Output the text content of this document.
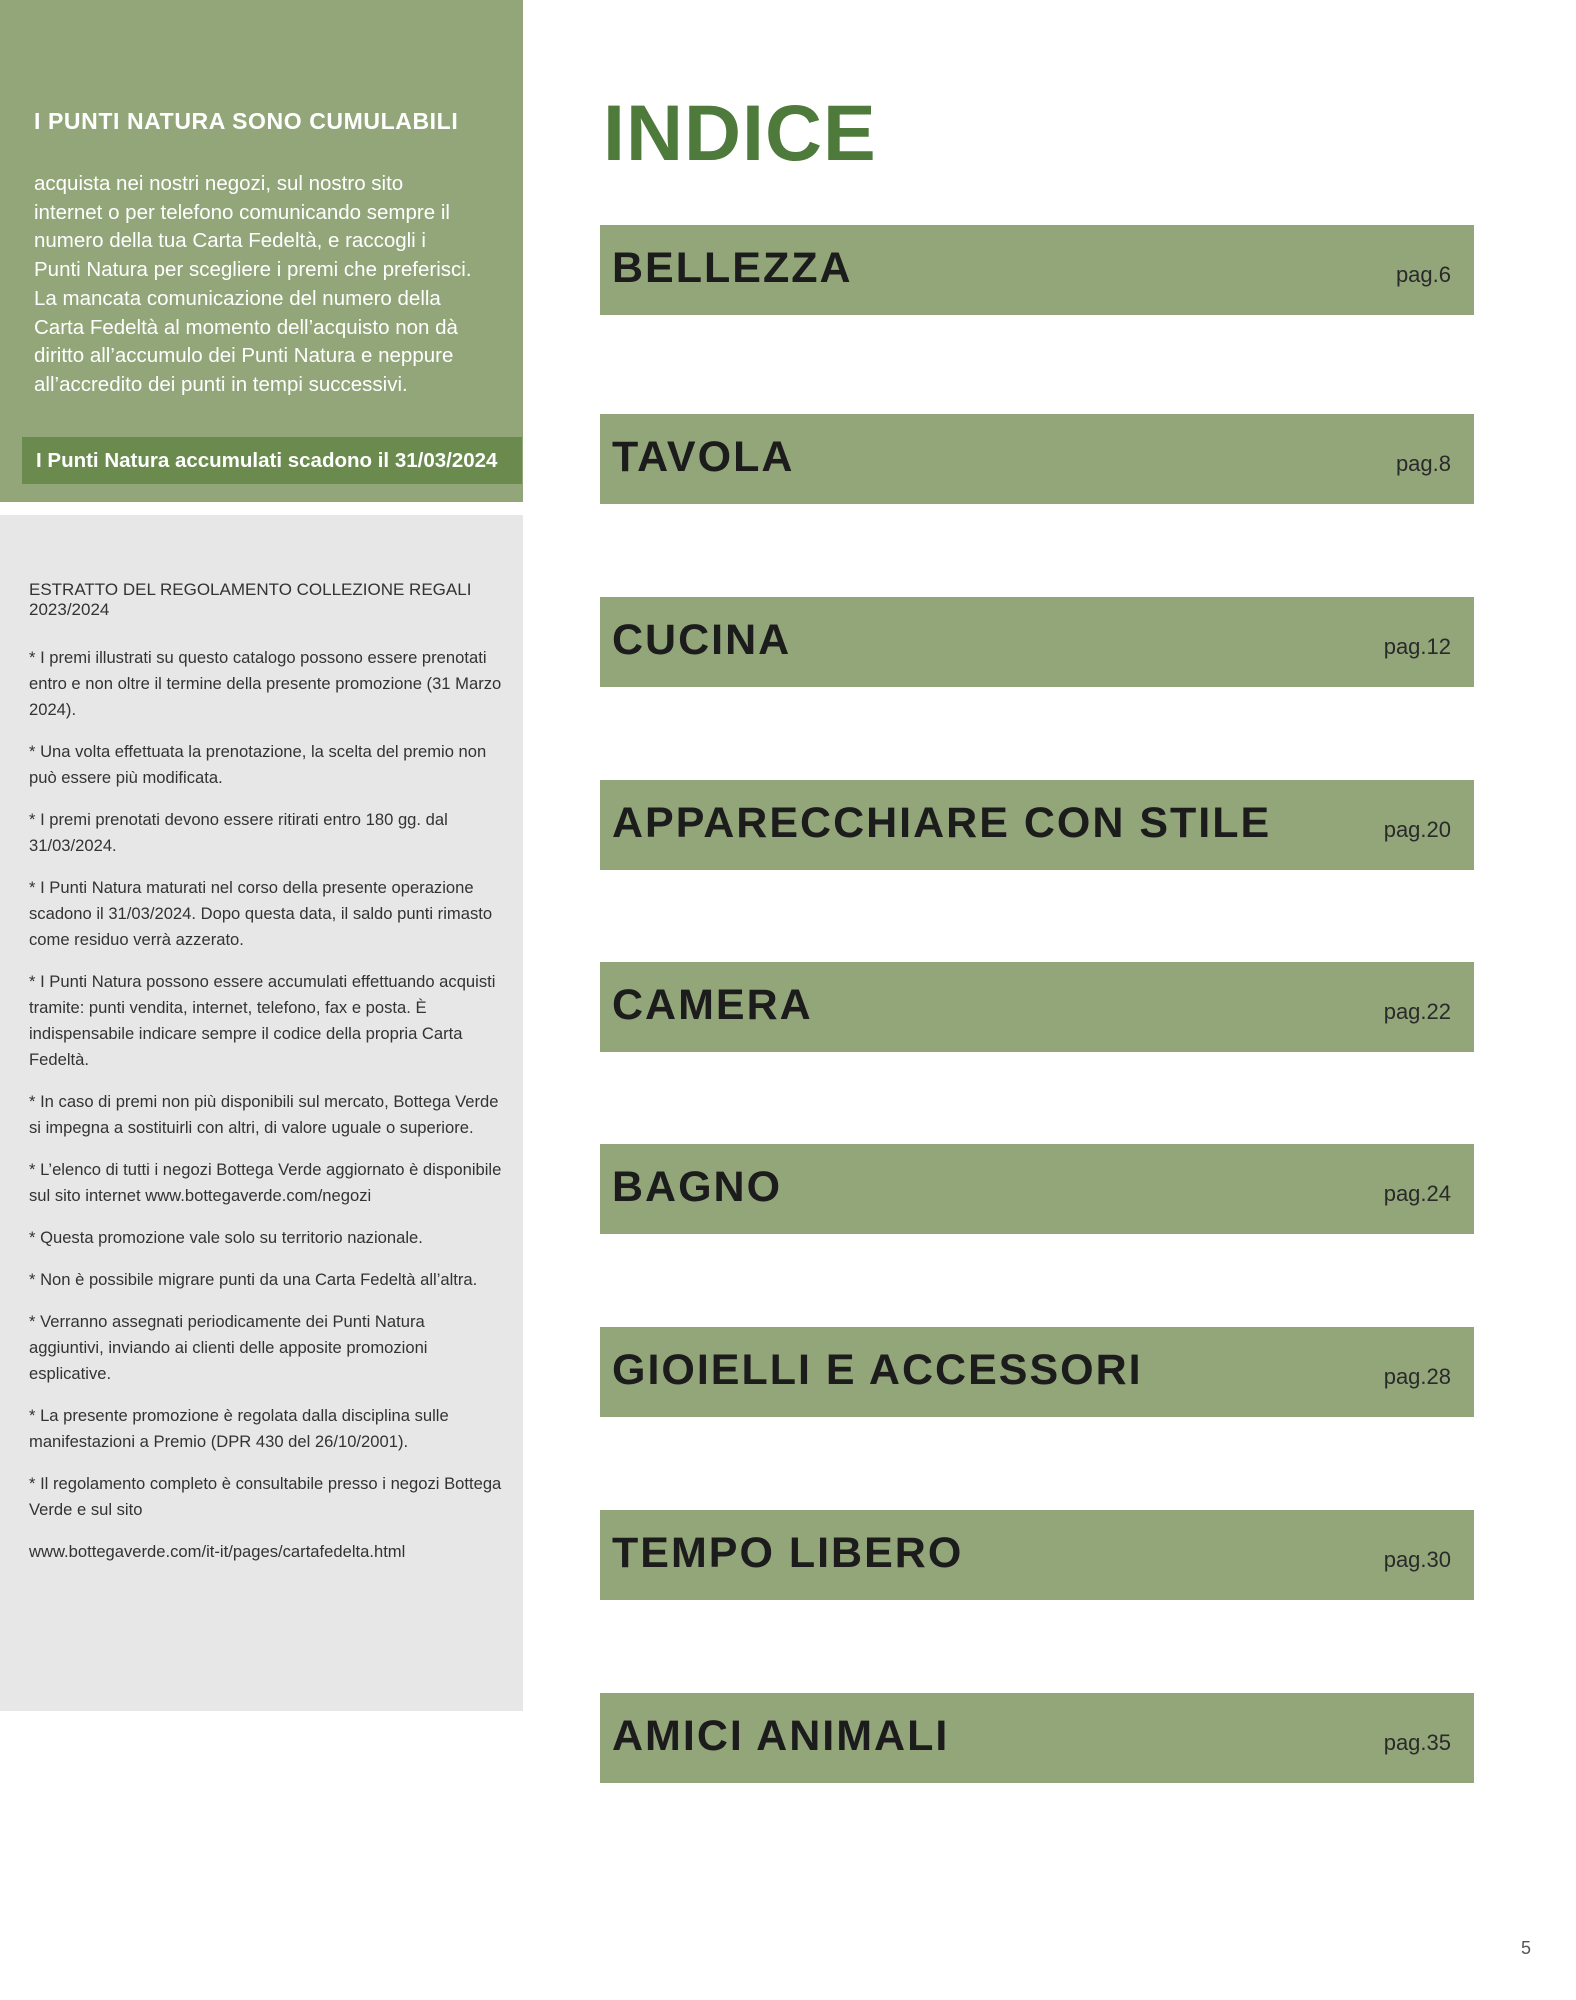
I PUNTI NATURA SONO CUMULABILI
acquista nei nostri negozi, sul nostro sito internet o per telefono comunicando sempre il numero della tua Carta Fedeltà, e raccogli i Punti Natura per scegliere i premi che preferisci. La mancata comunicazione del numero della Carta Fedeltà al momento dell’acquisto non dà diritto all’accumulo dei Punti Natura e neppure all’accredito dei punti in tempi successivi.
I Punti Natura accumulati scadono il 31/03/2024
ESTRATTO DEL REGOLAMENTO COLLEZIONE REGALI 2023/2024

* I premi illustrati su questo catalogo possono essere prenotati entro e non oltre il termine della presente promozione (31 Marzo 2024).

* Una volta effettuata la prenotazione, la scelta del premio non può essere più modificata.

* I premi prenotati devono essere ritirati entro 180 gg. dal 31/03/2024.

* I Punti Natura maturati nel corso della presente operazione scadono il 31/03/2024. Dopo questa data, il saldo punti rimasto come residuo verrà azzerato.

* I Punti Natura possono essere accumulati effettuando acquisti tramite: punti vendita, internet, telefono, fax e posta. È indispensabile indicare sempre il codice della propria Carta Fedeltà.

* In caso di premi non più disponibili sul mercato, Bottega Verde si impegna a sostituirli con altri, di valore uguale o superiore.

* L’elenco di tutti i negozi Bottega Verde aggiornato è disponibile sul sito internet www.bottegaverde.com/negozi

* Questa promozione vale solo su territorio nazionale.

* Non è possibile migrare punti da una Carta Fedeltà all’altra.

* Verranno assegnati periodicamente dei Punti Natura aggiuntivi, inviando ai clienti delle apposite promozioni esplicative.

* La presente promozione è regolata dalla disciplina sulle manifestazioni a Premio (DPR 430 del 26/10/2001).

* Il regolamento completo è consultabile presso i negozi Bottega Verde e sul sito

www.bottegaverde.com/it-it/pages/cartafedelta.html

INDICE
BELLEZZA	pag.6
TAVOLA	pag.8
CUCINA	pag.12
APPARECCHIARE CON STILE	pag.20
CAMERA	pag.22
BAGNO	pag.24
GIOIELLI E ACCESSORI	pag.28
TEMPO LIBERO	pag.30
AMICI ANIMALI	pag.35
5
